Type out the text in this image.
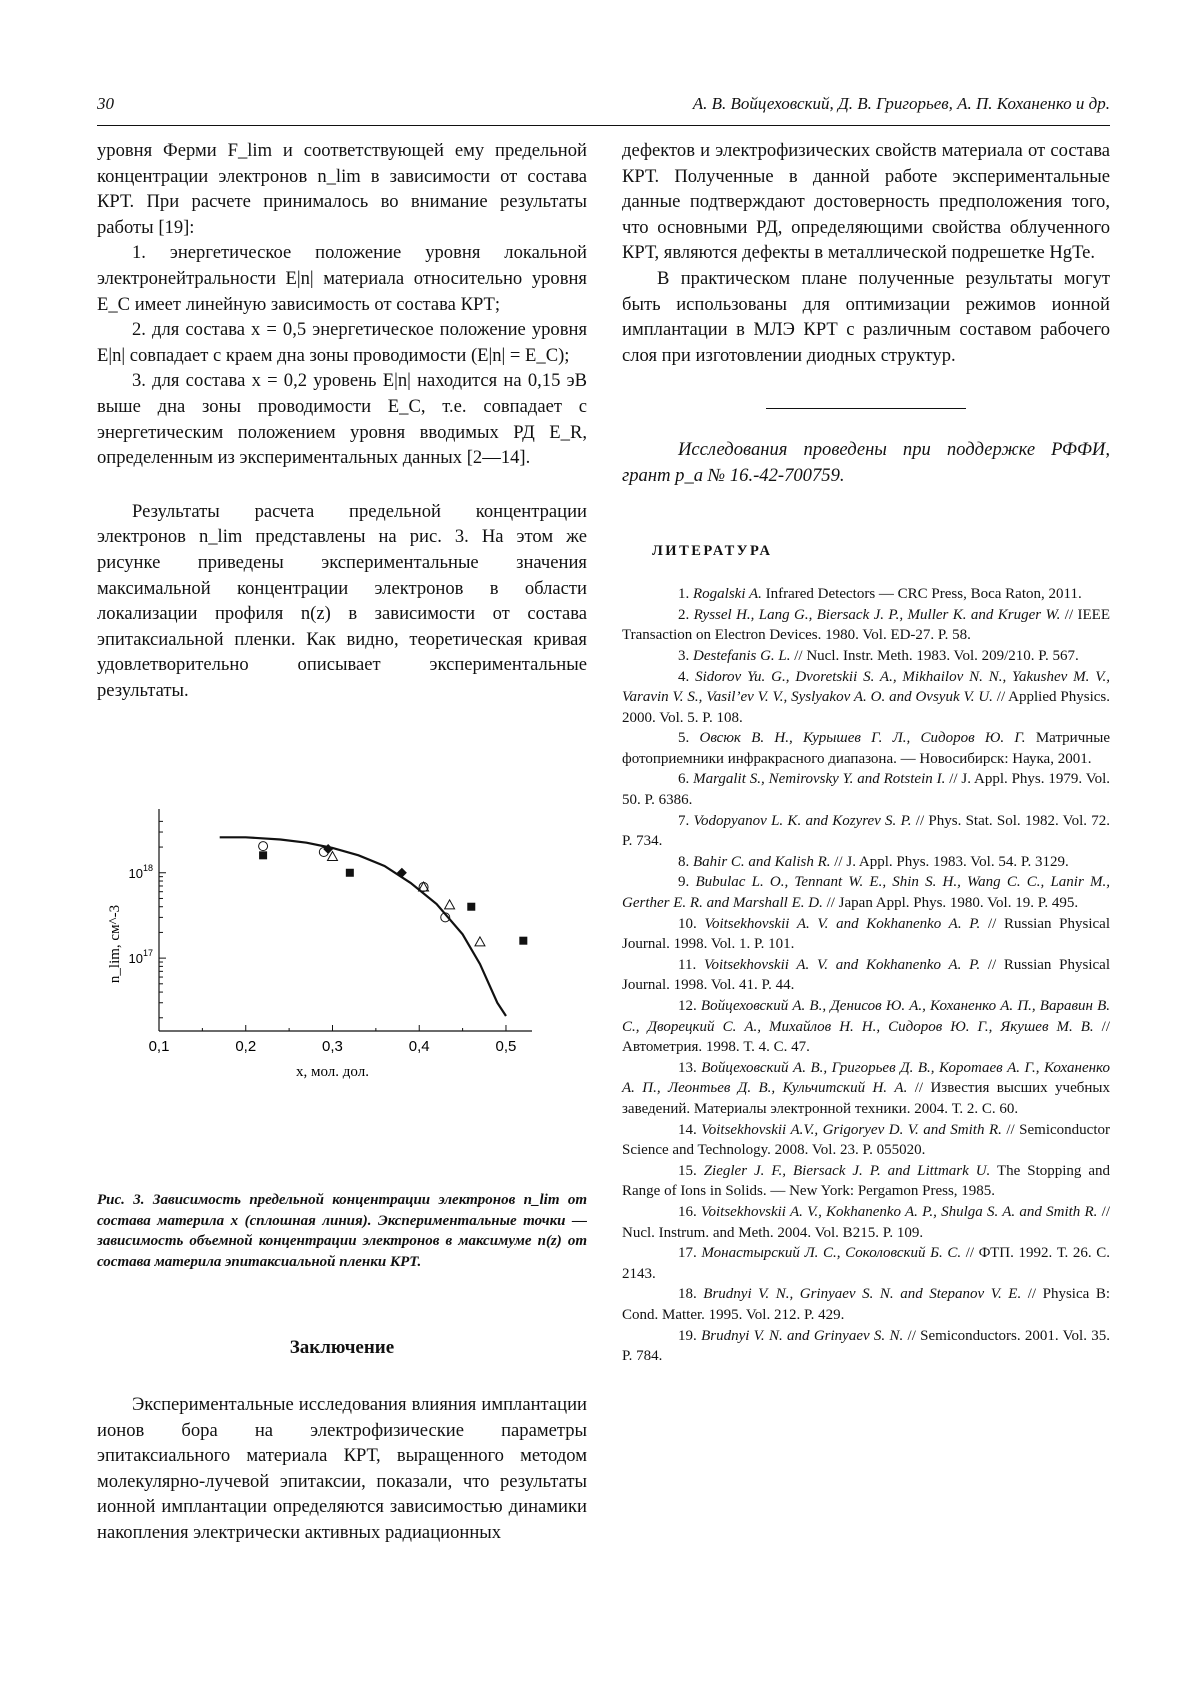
30	А. В. Войцеховский, Д. В. Григорьев, А. П. Коханенко и др.

уровня Ферми F_lim и соответствующей ему предельной концентрации электронов n_lim в зависимости от состава КРТ. При расчете принималось во внимание результаты работы [19]:

1. энергетическое положение уровня локальной электронейтральности E|n| материала относительно уровня E_C имеет линейную зависимость от состава КРТ;

2. для состава x = 0,5 энергетическое положение уровня E|n| совпадает с краем дна зоны проводимости (E|n| = E_C);

3. для состава x = 0,2 уровень E|n| находится на 0,15 эВ выше дна зоны проводимости E_C, т.е. совпадает с энергетическим положением уровня вводимых РД E_R, определенным из экспериментальных данных [2—14].

Результаты расчета предельной концентрации электронов n_lim представлены на рис. 3. На этом же рисунке приведены экспериментальные значения максимальной концентрации электронов в области локализации профиля n(z) в зависимости от состава эпитаксиальной пленки. Как видно, теоретическая кривая удовлетворительно описывает экспериментальные результаты.

0,1	0,2	0,3	0,4	0,5
$10^{18}$
$10^{17}$
x, мол. дол.
n_lim, см^-3
Рис. 3. Зависимость предельной концентрации электронов n_lim от состава материла x (сплошная линия). Экспериментальные точки — зависимость объемной концентрации электронов в максимуме n(z) от состава материла эпитаксиальной пленки КРТ.
Заключение

Экспериментальные исследования влияния имплантации ионов бора на электрофизические параметры эпитаксиального материала КРТ, выращенного методом молекулярно-лучевой эпитаксии, показали, что результаты ионной имплантации определяются зависимостью динамики накопления электрически активных радиационных

дефектов и электрофизических свойств материала от состава КРТ. Полученные в данной работе экспериментальные данные подтверждают достоверность предположения того, что основными РД, определяющими свойства облученного КРТ, являются дефекты в металлической подрешетке HgTe.

В практическом плане полученные результаты могут быть использованы для оптимизации режимов ионной имплантации в МЛЭ КРТ с различным составом рабочего слоя при изготовлении диодных структур.

Исследования проведены при поддержке РФФИ, грант р_а № 16.-42-700759.

ЛИТЕРАТУРА

1. Rogalski A. Infrared Detectors — CRC Press, Boca Raton, 2011.

2. Ryssel H., Lang G., Biersack J. P., Muller K. and Kruger W. // IEEE Transaction on Electron Devices. 1980. Vol. ED-27. P. 58.

3. Destefanis G. L. // Nucl. Instr. Meth. 1983. Vol. 209/210. P. 567.

4. Sidorov Yu. G., Dvoretskii S. A., Mikhailov N. N., Yakushev M. V., Varavin V. S., Vasil’ev V. V., Syslyakov A. O. and Ovsyuk V. U. // Applied Physics. 2000. Vol. 5. P. 108.

5. Овсюк В. Н., Курышев Г. Л., Сидоров Ю. Г. Матричные фотоприемники инфракрасного диапазона. — Новосибирск: Наука, 2001.

6. Margalit S., Nemirovsky Y. and Rotstein I. // J. Appl. Phys. 1979. Vol. 50. P. 6386.

7. Vodopyanov L. K. and Kozyrev S. P. // Phys. Stat. Sol. 1982. Vol. 72. P. 734.

8. Bahir C. and Kalish R. // J. Appl. Phys. 1983. Vol. 54. P. 3129.

9. Bubulac L. O., Tennant W. E., Shin S. H., Wang C. C., Lanir M., Gerther E. R. and Marshall E. D. // Japan Appl. Phys. 1980. Vol. 19. P. 495.

10. Voitsekhovskii A. V. and Kokhanenko A. P. // Russian Physical Journal. 1998. Vol. 1. P. 101.

11. Voitsekhovskii A. V. and Kokhanenko A. P. // Russian Physical Journal. 1998. Vol. 41. P. 44.

12. Войцеховский А. В., Денисов Ю. А., Коханенко А. П., Варавин В. С., Дворецкий С. А., Михайлов Н. Н., Сидоров Ю. Г., Якушев М. В. // Автометрия. 1998. Т. 4. С. 47.

13. Войцеховский А. В., Григорьев Д. В., Коротаев А. Г., Коханенко А. П., Леонтьев Д. В., Кульчитский Н. А. // Известия высших учебных заведений. Материалы электронной техники. 2004. Т. 2. С. 60.

14. Voitsekhovskii A.V., Grigoryev D. V. and Smith R. // Semiconductor Science and Technology. 2008. Vol. 23. P. 055020.

15. Ziegler J. F., Biersack J. P. and Littmark U. The Stopping and Range of Ions in Solids. — New York: Pergamon Press, 1985.

16. Voitsekhovskii A. V., Kokhanenko A. P., Shulga S. A. and Smith R. // Nucl. Instrum. and Meth. 2004. Vol. B215. P. 109.

17. Монастырский Л. С., Соколовский Б. С. // ФТП. 1992. Т. 26. С. 2143.

18. Brudnyi V. N., Grinyaev S. N. and Stepanov V. E. // Physica B: Cond. Matter. 1995. Vol. 212. P. 429.

19. Brudnyi V. N. and Grinyaev S. N. // Semiconductors. 2001. Vol. 35. P. 784.
